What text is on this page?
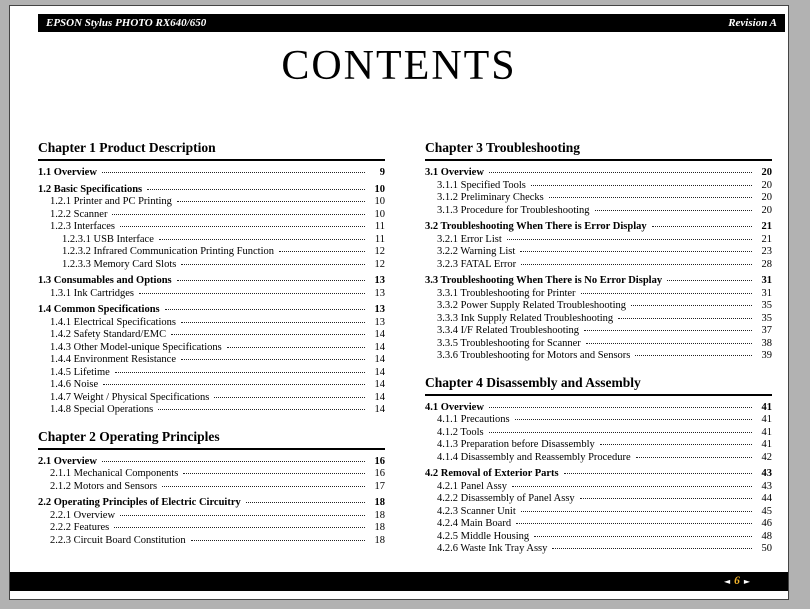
EPSON Stylus PHOTO RX640/650	Revision A
CONTENTS
Chapter 1 Product Description
1.1 Overview	9
1.2 Basic Specifications	10
1.2.1 Printer and PC Printing	10
1.2.2 Scanner	10
1.2.3 Interfaces	11
1.2.3.1 USB Interface	11
1.2.3.2 Infrared Communication Printing Function	12
1.2.3.3 Memory Card Slots	12
1.3 Consumables and Options	13
1.3.1 Ink Cartridges	13
1.4 Common Specifications	13
1.4.1 Electrical Specifications	13
1.4.2 Safety Standard/EMC	14
1.4.3 Other Model-unique Specifications	14
1.4.4 Environment Resistance	14
1.4.5 Lifetime	14
1.4.6 Noise	14
1.4.7 Weight / Physical Specifications	14
1.4.8 Special Operations	14
Chapter 2 Operating Principles
2.1 Overview	16
2.1.1 Mechanical Components	16
2.1.2 Motors and Sensors	17
2.2 Operating Principles of Electric Circuitry	18
2.2.1 Overview	18
2.2.2 Features	18
2.2.3 Circuit Board Constitution	18
Chapter 3 Troubleshooting
3.1 Overview	20
3.1.1 Specified Tools	20
3.1.2 Preliminary Checks	20
3.1.3 Procedure for Troubleshooting	20
3.2 Troubleshooting When There is Error Display	21
3.2.1 Error List	21
3.2.2 Warning List	23
3.2.3 FATAL Error	28
3.3 Troubleshooting When There is No Error Display	31
3.3.1 Troubleshooting for Printer	31
3.3.2 Power Supply Related Troubleshooting	35
3.3.3 Ink Supply Related Troubleshooting	35
3.3.4 I/F Related Troubleshooting	37
3.3.5 Troubleshooting for Scanner	38
3.3.6 Troubleshooting for Motors and Sensors	39
Chapter 4 Disassembly and Assembly
4.1 Overview	41
4.1.1 Precautions	41
4.1.2 Tools	41
4.1.3 Preparation before Disassembly	41
4.1.4 Disassembly and Reassembly Procedure	42
4.2 Removal of Exterior Parts	43
4.2.1 Panel Assy	43
4.2.2 Disassembly of Panel Assy	44
4.2.3 Scanner Unit	45
4.2.4 Main Board	46
4.2.5 Middle Housing	48
4.2.6 Waste Ink Tray Assy	50
◄ 6 ►
